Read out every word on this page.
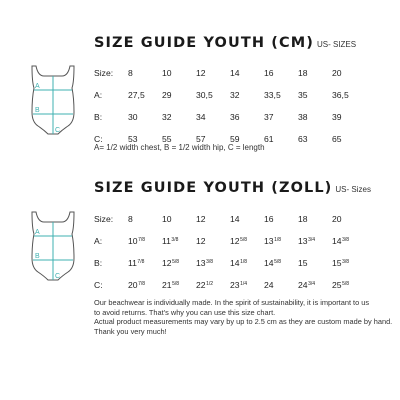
SIZE GUIDE YOUTH (CM) US- SIZES
A
B
C
Size:	8	10	12	14	16	18	20
A:	27,5	29	30,5	32	33,5	35	36,5
B:	30	32	34	36	37	38	39
C:	53	55	57	59	61	63	65
A= 1/2 width chest, B = 1/2 width hip, C = length
SIZE GUIDE YOUTH (ZOLL) US- Sizes
A
B
C
Size:	8	10	12	14	16	18	20
A:	$10^{7/8}$	$11^{3/8}$	12	$12^{5/8}$	$13^{1/8}$	$13^{3/4}$	$14^{3/8}$
B:	$11^{7/8}$	$12^{5/8}$	$13^{3/8}$	$14^{1/8}$	$14^{5/8}$	15	$15^{3/8}$
C:	$20^{7/8}$	$21^{5/8}$	$22^{1/2}$	$23^{1/4}$	24	$24^{3/4}$	$25^{5/8}$

Our beachwear is individually made. In the spirit of sustainability, it is important to us

to avoid returns. That's why you can use this size chart.

Actual product measurements may vary by up to 2.5 cm as they are custom made by hand.

Thank you very much!
